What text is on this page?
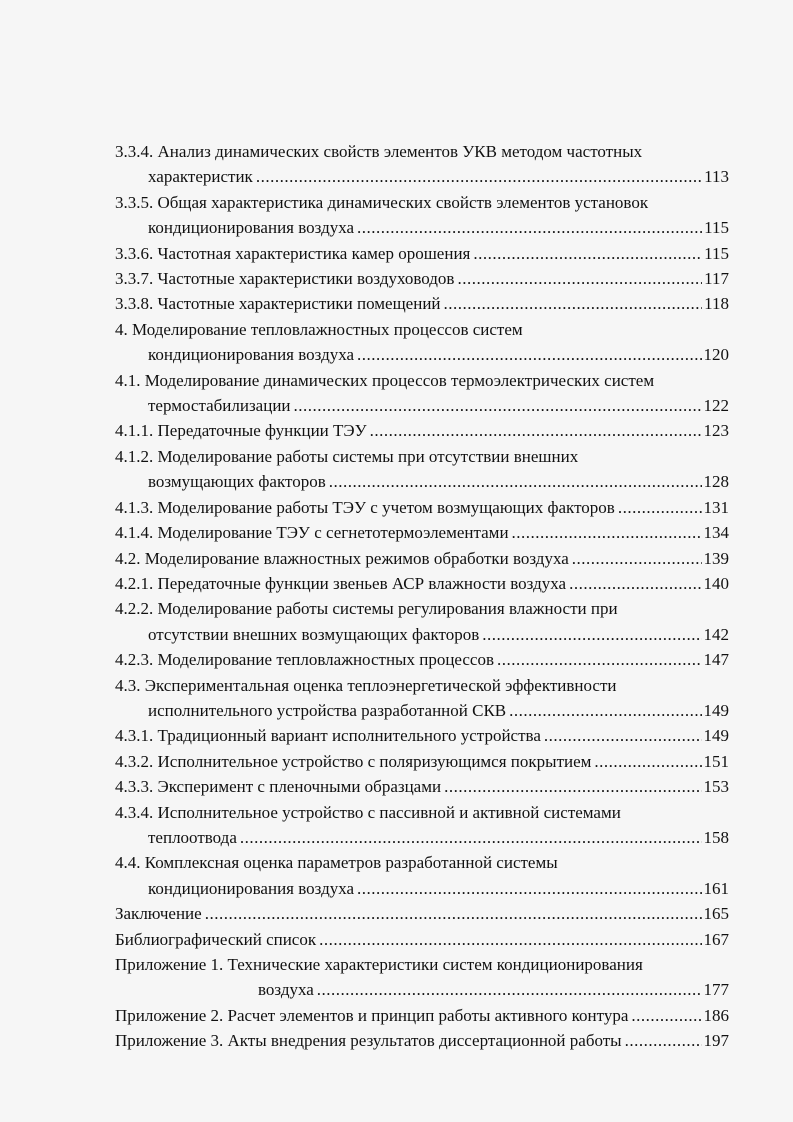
3.3.4. Анализ динамических свойств элементов УКВ методом частотных
характеристик .....	113
3.3.5. Общая характеристика динамических свойств элементов установок
кондиционирования воздуха .....	115
3.3.6. Частотная характеристика камер орошения .....	115
3.3.7. Частотные характеристики воздуховодов .....	117
3.3.8. Частотные характеристики помещений .....	118
4. Моделирование тепловлажностных процессов систем
кондиционирования воздуха .....	120
4.1. Моделирование динамических процессов термоэлектрических систем
термостабилизации .....	122
4.1.1. Передаточные функции ТЭУ .....	123
4.1.2. Моделирование работы системы при отсутствии внешних
возмущающих факторов .....	128
4.1.3. Моделирование работы ТЭУ с учетом возмущающих факторов .....	131
4.1.4. Моделирование ТЭУ с сегнетотермоэлементами .....	134
4.2. Моделирование влажностных режимов обработки воздуха .....	139
4.2.1. Передаточные функции звеньев АСР влажности воздуха .....	140
4.2.2. Моделирование работы системы регулирования влажности при
отсутствии внешних возмущающих факторов .....	142
4.2.3. Моделирование тепловлажностных процессов .....	147
4.3. Экспериментальная оценка теплоэнергетической эффективности
исполнительного устройства разработанной СКВ .....	149
4.3.1. Традиционный вариант исполнительного устройства .....	149
4.3.2. Исполнительное устройство с поляризующимся покрытием .....	151
4.3.3. Эксперимент с пленочными образцами .....	153
4.3.4. Исполнительное устройство с пассивной и активной системами
теплоотвода .....	158
4.4. Комплексная оценка параметров разработанной системы
кондиционирования воздуха .....	161
Заключение .....	165
Библиографический список .....	167
Приложение 1. Технические характеристики систем кондиционирования
воздуха .....	177
Приложение 2. Расчет элементов и принцип работы активного контура .....	186
Приложение 3. Акты внедрения результатов диссертационной работы .....	197
